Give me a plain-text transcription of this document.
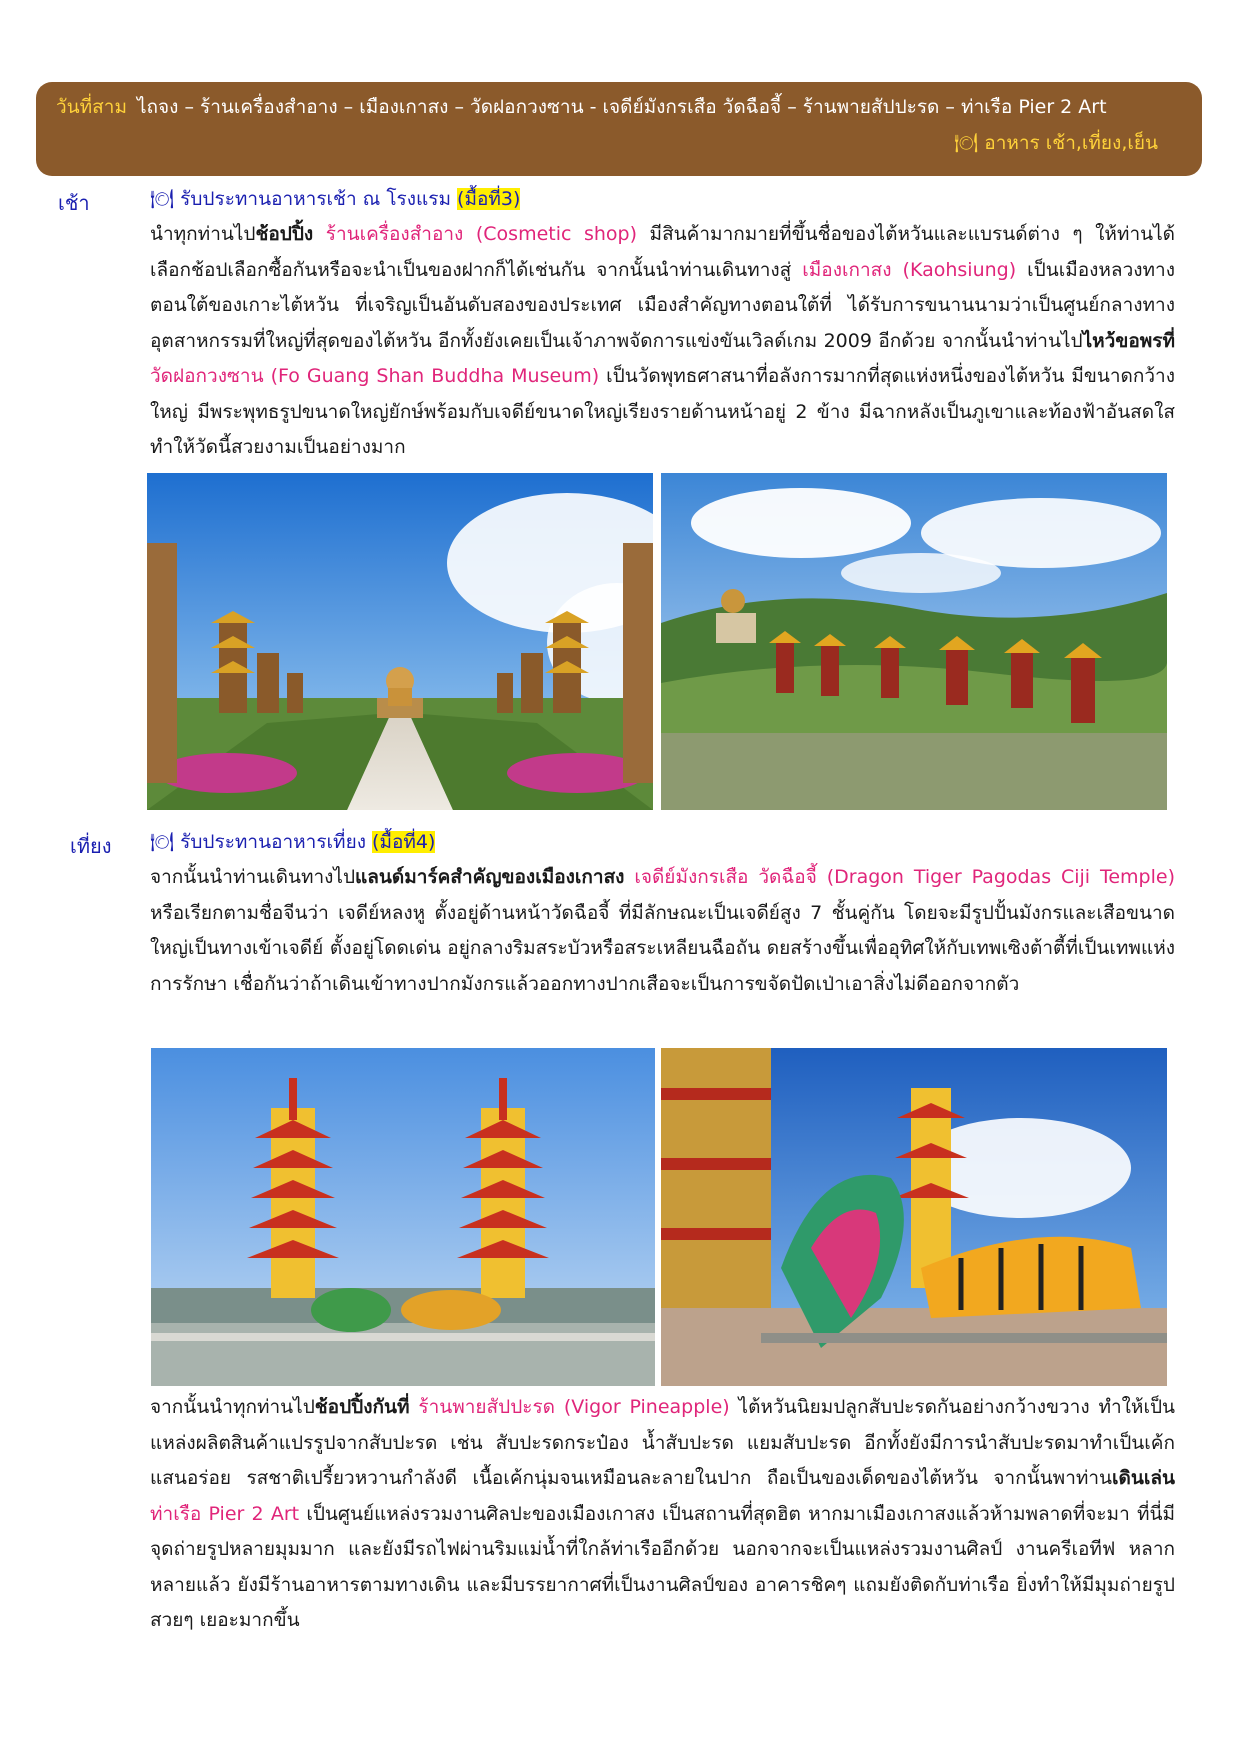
วันที่สาม ไถจง – ร้านเครื่องสำอาง – เมืองเกาสง – วัดฝอกวงซาน - เจดีย์มังกรเสือ วัดฉือจี้ – ร้านพายสัปปะรด – ท่าเรือ Pier 2 Art
🍽 อาหาร เช้า,เที่ยง,เย็น
เช้า	🍽 รับประทานอาหารเช้า ณ โรงแรม (มื้อที่3)
นำทุกท่านไปช้อปปิ้ง ร้านเครื่องสำอาง (Cosmetic shop) มีสินค้ามากมายที่ขึ้นชื่อของไต้หวันและแบรนด์ต่าง ๆ ให้ท่านได้เลือกช้อปเลือกซื้อกันหรือจะนำเป็นของฝากก็ได้เช่นกัน จากนั้นนำท่านเดินทางสู่ เมืองเกาสง (Kaohsiung) เป็นเมืองหลวงทางตอนใต้ของเกาะไต้หวัน ที่เจริญเป็นอันดับสองของประเทศ เมืองสำคัญทางตอนใต้ที่ ได้รับการขนานนามว่าเป็นศูนย์กลางทางอุตสาหกรรมที่ใหญ่ที่สุดของไต้หวัน อีกทั้งยังเคยเป็นเจ้าภาพจัดการแข่งขันเวิลด์เกม 2009 อีกด้วย จากนั้นนำท่านไปไหว้ขอพรที่ วัดฝอกวงซาน (Fo Guang Shan Buddha Museum) เป็นวัดพุทธศาสนาที่อลังการมากที่สุดแห่งหนึ่งของไต้หวัน มีขนาดกว้างใหญ่ มีพระพุทธรูปขนาดใหญ่ยักษ์พร้อมกับเจดีย์ขนาดใหญ่เรียงรายด้านหน้าอยู่ 2 ข้าง มีฉากหลังเป็นภูเขาและท้องฟ้าอันสดใส ทำให้วัดนี้สวยงามเป็นอย่างมาก
เที่ยง 🍽 รับประทานอาหารเที่ยง (มื้อที่4)
จากนั้นนำท่านเดินทางไปแลนด์มาร์คสำคัญของเมืองเกาสง เจดีย์มังกรเสือ วัดฉือจี้ (Dragon Tiger Pagodas Ciji Temple) หรือเรียกตามชื่อจีนว่า เจดีย์หลงหู ตั้งอยู่ด้านหน้าวัดฉือจี้ ที่มีลักษณะเป็นเจดีย์สูง 7 ชั้นคู่กัน โดยจะมีรูปปั้นมังกรและเสือขนาดใหญ่เป็นทางเข้าเจดีย์ ตั้งอยู่โดดเด่น อยู่กลางริมสระบัวหรือสระเหลียนฉือถัน ดยสร้างขึ้นเพื่ออุทิศให้กับเทพเซิงต้าตี้ที่เป็นเทพแห่งการรักษา เชื่อกันว่าถ้าเดินเข้าทางปากมังกรแล้วออกทางปากเสือจะเป็นการขจัดปัดเป่าเอาสิ่งไม่ดีออกจากตัว
จากนั้นนำทุกท่านไปช้อปปิ้งกันที่ ร้านพายสัปปะรด (Vigor Pineapple) ไต้หวันนิยมปลูกสับปะรดกันอย่างกว้างขวาง ทำให้เป็นแหล่งผลิตสินค้าแปรรูปจากสับปะรด เช่น สับปะรดกระป๋อง น้ำสับปะรด แยมสับปะรด อีกทั้งยังมีการนำสับปะรดมาทำเป็นเค้กแสนอร่อย รสชาติเปรี้ยวหวานกำลังดี เนื้อเค้กนุ่มจนเหมือนละลายในปาก ถือเป็นของเด็ดของไต้หวัน จากนั้นพาท่านเดินเล่น ท่าเรือ Pier 2 Art เป็นศูนย์แหล่งรวมงานศิลปะของเมืองเกาสง เป็นสถานที่สุดฮิต หากมาเมืองเกาสงแล้วห้ามพลาดที่จะมา ที่นี่มีจุดถ่ายรูปหลายมุมมาก และยังมีรถไฟผ่านริมแม่น้ำที่ใกล้ท่าเรืออีกด้วย นอกจากจะเป็นแหล่งรวมงานศิลป์ งานครีเอทีฟ หลากหลายแล้ว ยังมีร้านอาหารตามทางเดิน และมีบรรยากาศที่เป็นงานศิลป์ของ อาคารชิคๆ แถมยังติดกับท่าเรือ ยิ่งทำให้มีมุมถ่ายรูปสวยๆ เยอะมากขึ้น
